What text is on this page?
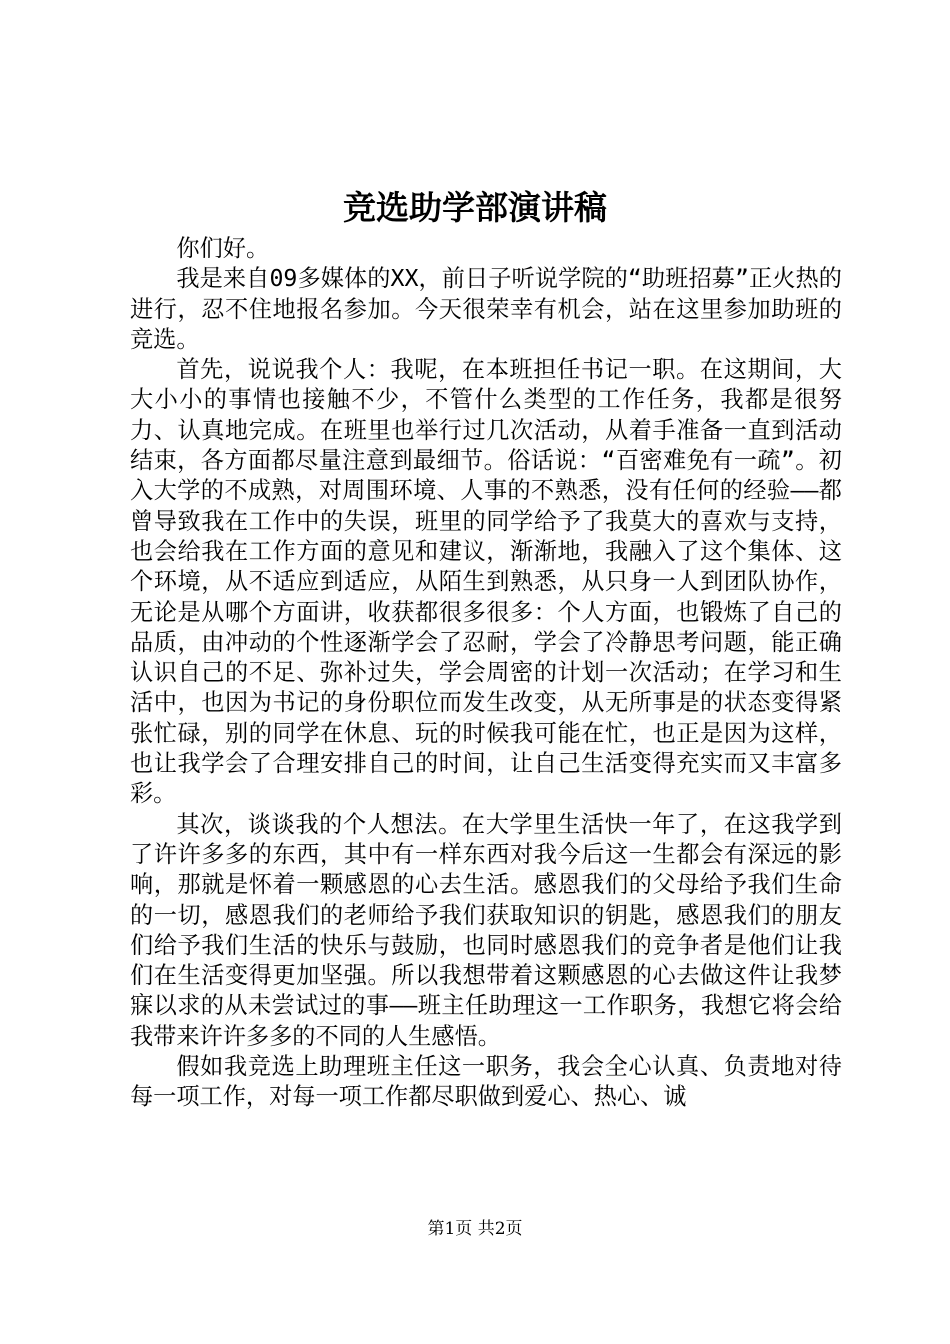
竞选助学部演讲稿

你们好。

我是来自09多媒体的XX，前日子听说学院的“助班招募”正火热的进行，忍不住地报名参加。今天很荣幸有机会，站在这里参加助班的竞选。

首先，说说我个人：我呢，在本班担任书记一职。在这期间，大大小小的事情也接触不少，不管什么类型的工作任务，我都是很努力、认真地完成。在班里也举行过几次活动，从着手准备一直到活动结束，各方面都尽量注意到最细节。俗话说：“百密难免有一疏”。初入大学的不成熟，对周围环境、人事的不熟悉，没有任何的经验——都曾导致我在工作中的失误，班里的同学给予了我莫大的喜欢与支持，也会给我在工作方面的意见和建议，渐渐地，我融入了这个集体、这个环境，从不适应到适应，从陌生到熟悉，从只身一人到团队协作，无论是从哪个方面讲，收获都很多很多：个人方面，也锻炼了自己的品质，由冲动的个性逐渐学会了忍耐，学会了冷静思考问题，能正确认识自己的不足、弥补过失，学会周密的计划一次活动；在学习和生活中，也因为书记的身份职位而发生改变，从无所事是的状态变得紧张忙碌，别的同学在休息、玩的时候我可能在忙，也正是因为这样，也让我学会了合理安排自己的时间，让自己生活变得充实而又丰富多彩。

其次，谈谈我的个人想法。在大学里生活快一年了，在这我学到了许许多多的东西，其中有一样东西对我今后这一生都会有深远的影响，那就是怀着一颗感恩的心去生活。感恩我们的父母给予我们生命的一切，感恩我们的老师给予我们获取知识的钥匙，感恩我们的朋友们给予我们生活的快乐与鼓励，也同时感恩我们的竞争者是他们让我们在生活变得更加坚强。所以我想带着这颗感恩的心去做这件让我梦寐以求的从未尝试过的事——班主任助理这一工作职务，我想它将会给我带来许许多多的不同的人生感悟。

假如我竞选上助理班主任这一职务，我会全心认真、负责地对待每一项工作，对每一项工作都尽职做到爱心、热心、诚

第1页 共2页
